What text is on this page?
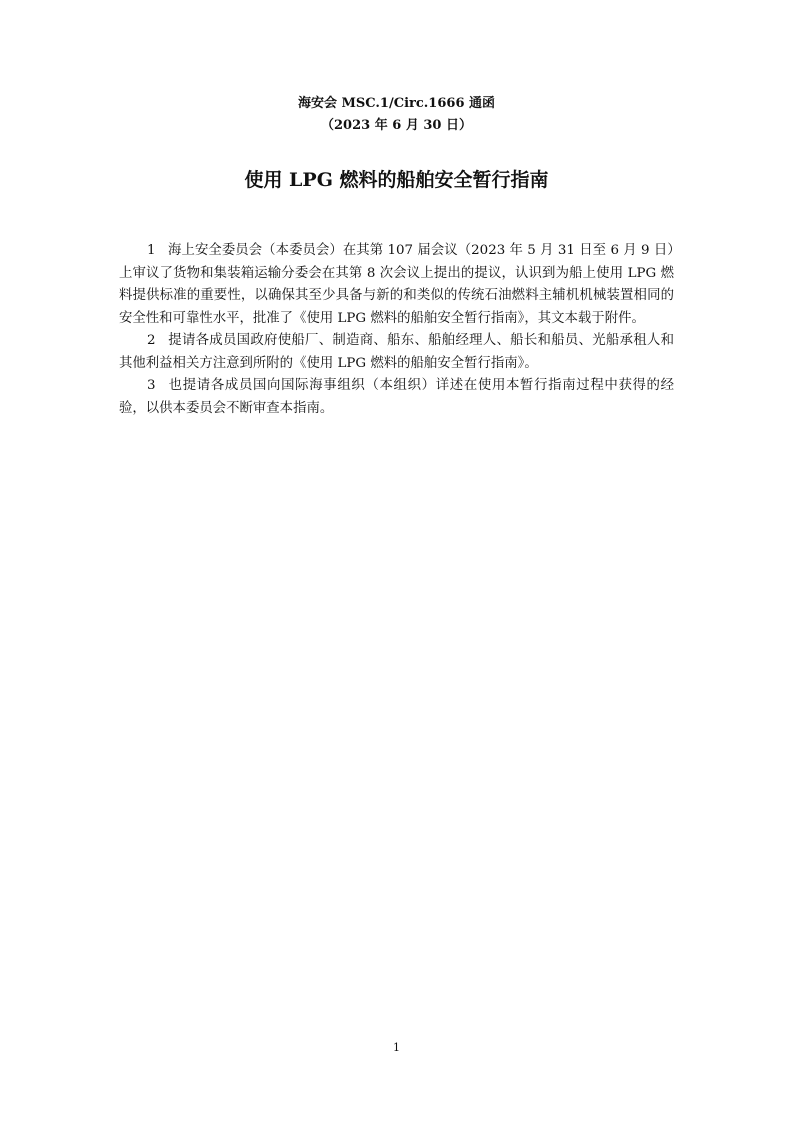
海安会 MSC.1/Circ.1666 通函
（2023 年 6 月 30 日）
使用 LPG 燃料的船舶安全暂行指南

1 海上安全委员会（本委员会）在其第 107 届会议（2023 年 5 月 31 日至 6 月 9 日）上审议了货物和集装箱运输分委会在其第 8 次会议上提出的提议，认识到为船上使用 LPG 燃料提供标准的重要性，以确保其至少具备与新的和类似的传统石油燃料主辅机机械装置相同的安全性和可靠性水平，批准了《使用 LPG 燃料的船舶安全暂行指南》，其文本载于附件。

2 提请各成员国政府使船厂、制造商、船东、船舶经理人、船长和船员、光船承租人和其他利益相关方注意到所附的《使用 LPG 燃料的船舶安全暂行指南》。

3 也提请各成员国向国际海事组织（本组织）详述在使用本暂行指南过程中获得的经验，以供本委员会不断审查本指南。

1
